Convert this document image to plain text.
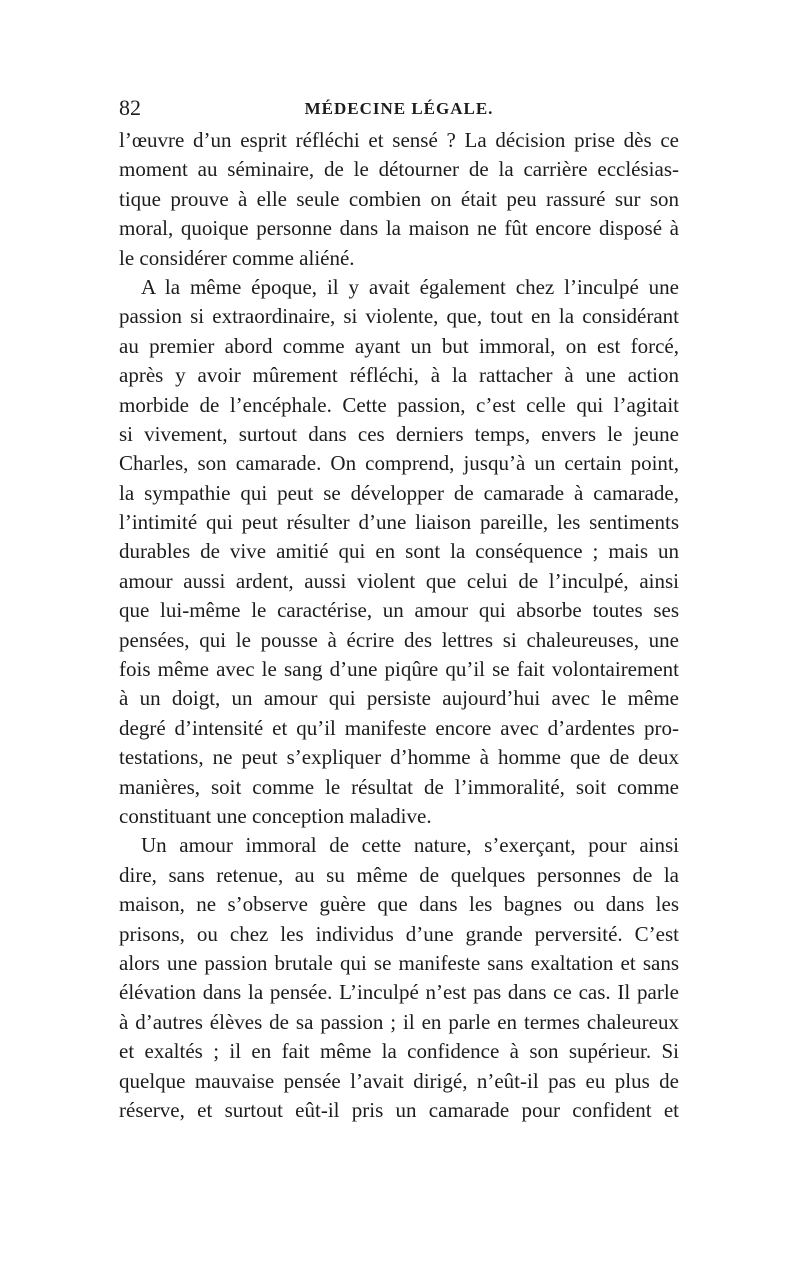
82	MÉDECINE LÉGALE.
l’œuvre d’un esprit réfléchi et sensé ? La décision prise dès ce
moment au séminaire, de le détourner de la carrière ecclésias-
tique prouve à elle seule combien on était peu rassuré sur son
moral, quoique personne dans la maison ne fût encore disposé à
le considérer comme aliéné.
A la même époque, il y avait également chez l’inculpé une
passion si extraordinaire, si violente, que, tout en la considérant
au premier abord comme ayant un but immoral, on est forcé,
après y avoir mûrement réfléchi, à la rattacher à une action
morbide de l’encéphale. Cette passion, c’est celle qui l’agitait
si vivement, surtout dans ces derniers temps, envers le jeune
Charles, son camarade. On comprend, jusqu’à un certain point,
la sympathie qui peut se développer de camarade à camarade,
l’intimité qui peut résulter d’une liaison pareille, les sentiments
durables de vive amitié qui en sont la conséquence ; mais un
amour aussi ardent, aussi violent que celui de l’inculpé, ainsi
que lui-même le caractérise, un amour qui absorbe toutes ses
pensées, qui le pousse à écrire des lettres si chaleureuses, une
fois même avec le sang d’une piqûre qu’il se fait volontairement
à un doigt, un amour qui persiste aujourd’hui avec le même
degré d’intensité et qu’il manifeste encore avec d’ardentes pro-
testations, ne peut s’expliquer d’homme à homme que de deux
manières, soit comme le résultat de l’immoralité, soit comme
constituant une conception maladive.
Un amour immoral de cette nature, s’exerçant, pour ainsi
dire, sans retenue, au su même de quelques personnes de la
maison, ne s’observe guère que dans les bagnes ou dans les
prisons, ou chez les individus d’une grande perversité. C’est
alors une passion brutale qui se manifeste sans exaltation et sans
élévation dans la pensée. L’inculpé n’est pas dans ce cas. Il parle
à d’autres élèves de sa passion ; il en parle en termes chaleureux
et exaltés ; il en fait même la confidence à son supérieur. Si
quelque mauvaise pensée l’avait dirigé, n’eût-il pas eu plus de
réserve, et surtout eût-il pris un camarade pour confident et
